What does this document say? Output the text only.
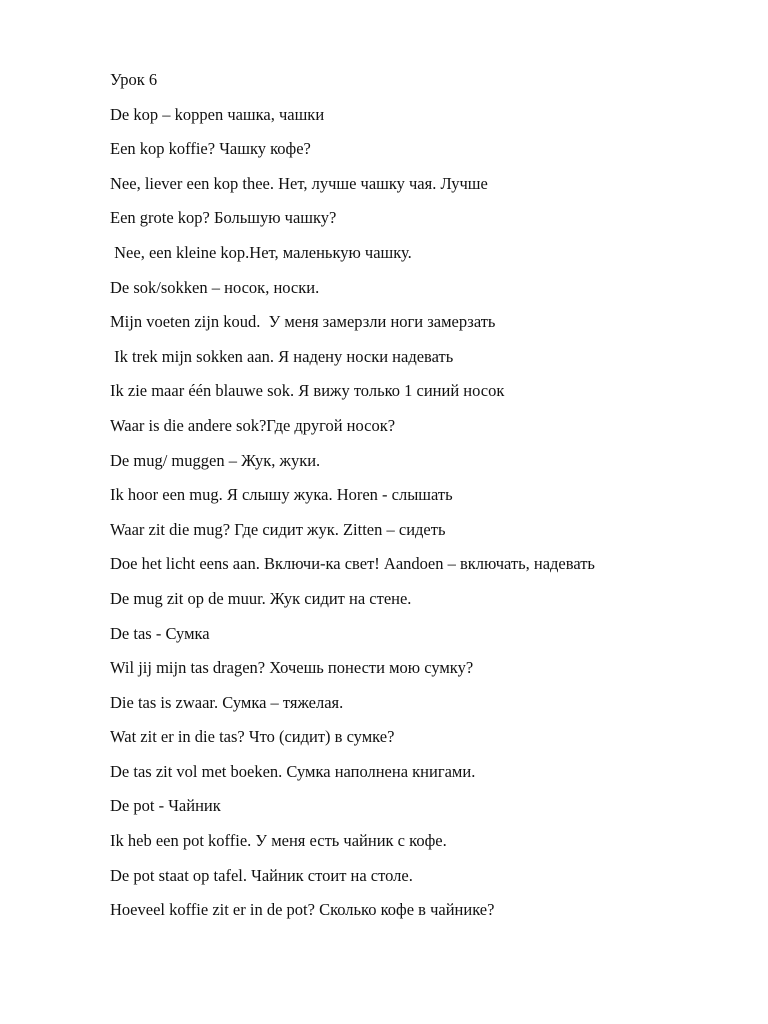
Урок 6

De kop – koppen чашка, чашки

Een kop koffie? Чашку кофе?

Nee, liever een kop thee. Нет, лучше чашку чая. Лучше

Een grote kop? Большую чашку?

Nee, een kleine kop.Нет, маленькую чашку.

De sok/sokken – носок, носки.

Mijn voeten zijn koud.  У меня замерзли ноги замерзать

Ik trek mijn sokken aan. Я надену носки надевать

Ik zie maar één blauwe sok. Я вижу только 1 синий носок

Waar is die andere sok?Где другой носок?

De mug/ muggen – Жук, жуки.

Ik hoor een mug. Я слышу жука. Horen - слышать

Waar zit die mug? Где сидит жук. Zitten – сидеть

Doe het licht eens aan. Включи-ка свет! Aandoen – включать, надевать

De mug zit op de muur. Жук сидит на стене.

De tas - Сумка

Wil jij mijn tas dragen? Хочешь понести мою сумку?

Die tas is zwaar. Сумка – тяжелая.

Wat zit er in die tas? Что (сидит) в сумке?

De tas zit vol met boeken. Сумка наполнена книгами.

De pot - Чайник

Ik heb een pot koffie. У меня есть чайник с кофе.

De pot staat op tafel. Чайник стоит на столе.

Hoeveel koffie zit er in de pot? Сколько кофе в чайнике?
